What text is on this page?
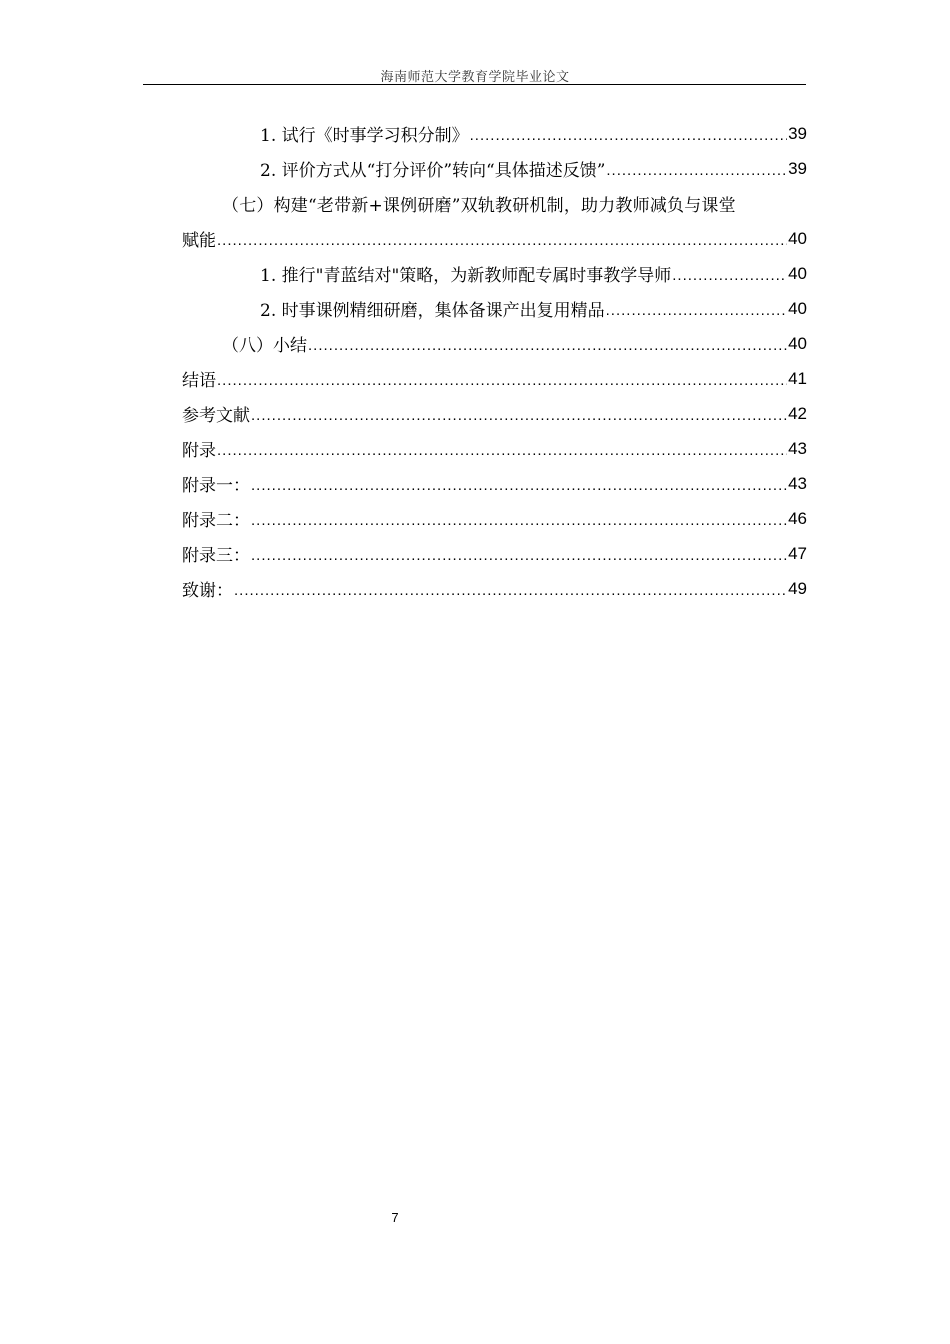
海南师范大学教育学院毕业论文
1. 试行《时事学习积分制》 .....	39
2. 评价方式从“打分评价”转向“具体描述反馈” .....	39
（七）构建“老带新+课例研磨”双轨教研机制，助力教师减负与课堂
赋能 .....	40
1. 推行"青蓝结对"策略，为新教师配专属时事教学导师 .....	40
2. 时事课例精细研磨，集体备课产出复用精品 .....	40
（八）小结 .....	40
结语 .....	41
参考文献 .....	42
附录 .....	43
附录一： .....	43
附录二： .....	46
附录三： .....	47
致谢： .....	49
7
